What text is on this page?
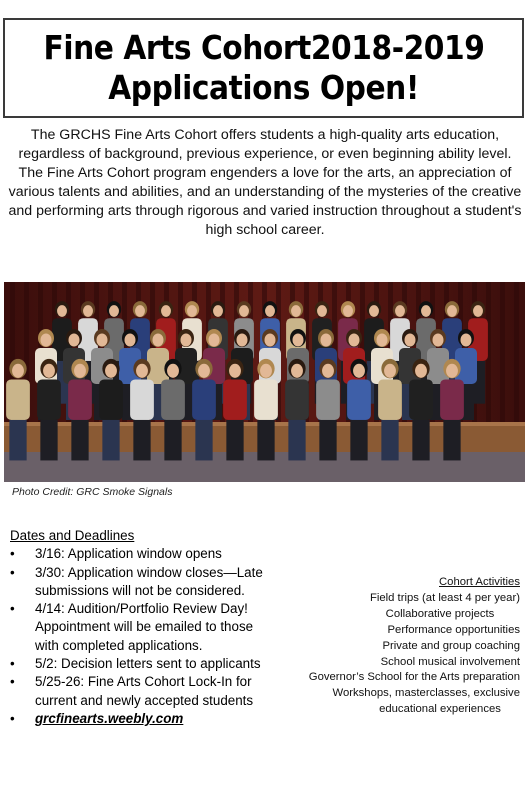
Fine Arts Cohort2018-2019
Applications Open!
The GRCHS Fine Arts Cohort offers students a high-quality arts education, regardless of background, previous experience, or even beginning ability level. The Fine Arts Cohort program engenders a love for the arts, an appreciation of various talents and abilities, and an understanding of the mysteries of the creative and performing arts through rigorous and varied instruction throughout a student's high school career.
Photo Credit: GRC Smoke Signals
Dates and Deadlines
• 3/16: Application window opens
• 3/30: Application window closes—Late submissions will not be considered.
• 4/14: Audition/Portfolio Review Day! Appointment will be emailed to those with completed applications.
• 5/2: Decision letters sent to applicants
• 5/25-26: Fine Arts Cohort Lock-In for current and newly accepted students
• grcfinearts.weebly.com
Cohort Activities
Field trips (at least 4 per year)
Collaborative projects
Performance opportunities
Private and group coaching
School musical involvement
Governor’s School for the Arts preparation
Workshops, masterclasses, exclusive
educational experiences
